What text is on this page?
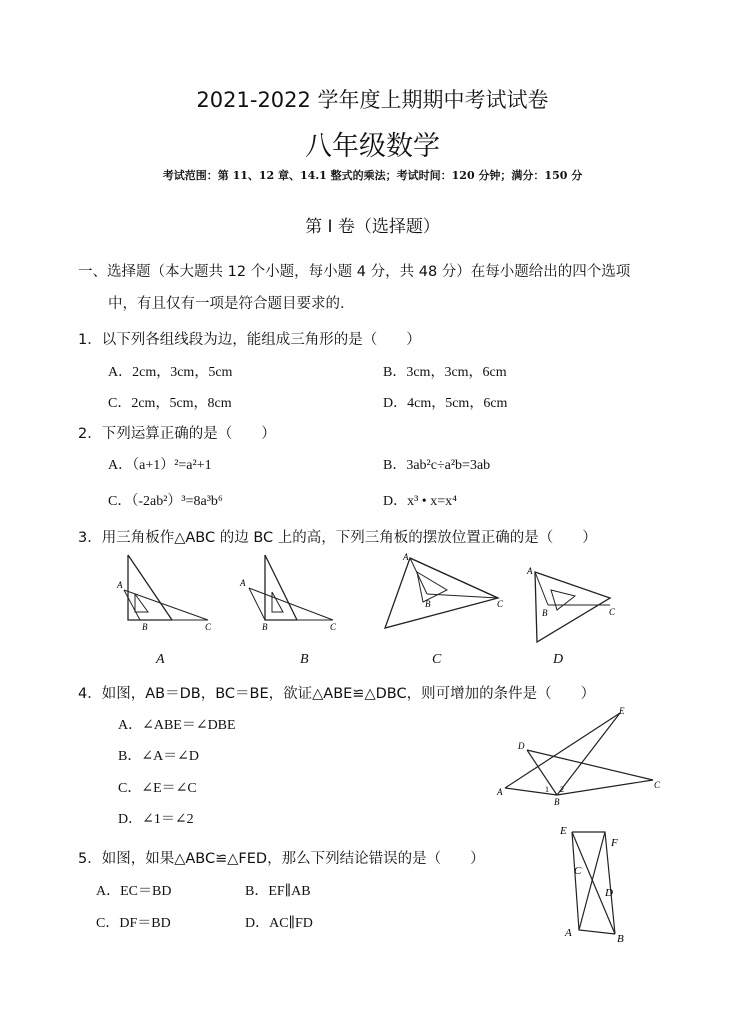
2021-2022 学年度上期期中考试试卷
八年级数学
考试范围：第 11、12 章、14.1 整式的乘法；考试时间：120 分钟；满分：150 分
第 I 卷（选择题）
一、选择题（本大题共 12 个小题，每小题 4 分，共 48 分）在每小题给出的四个选项
中，有且仅有一项是符合题目要求的．
1．以下列各组线段为边，能组成三角形的是（　　）
A．2cm，3cm，5cm	B．3cm，3cm，6cm
C．2cm，5cm，8cm	D．4cm，5cm，6cm
2．下列运算正确的是（　　）
A．（a+1）²=a²+1	B．3ab²c÷a²b=3ab
C．（-2ab²）³=8a³b⁶	D．x³ • x=x⁴
3．用三角板作△ABC 的边 BC 上的高，下列三角板的摆放位置正确的是（　　）
A
B	C
A
B	C
A
B	C
A
B	C
A	B	C	D
4．如图，AB＝DB，BC＝BE，欲证△ABE≌△DBC，则可增加的条件是（　　）
A．∠ABE＝∠DBE
B．∠A＝∠D
C．∠E＝∠C
D．∠1＝∠2
A
B
C
D
E
1 2
5．如图，如果△ABC≌△FED，那么下列结论错误的是（　　）
A．EC＝BD	B．EF∥AB
C．DF＝BD	D．AC∥FD
E
F
C
D
A	B
